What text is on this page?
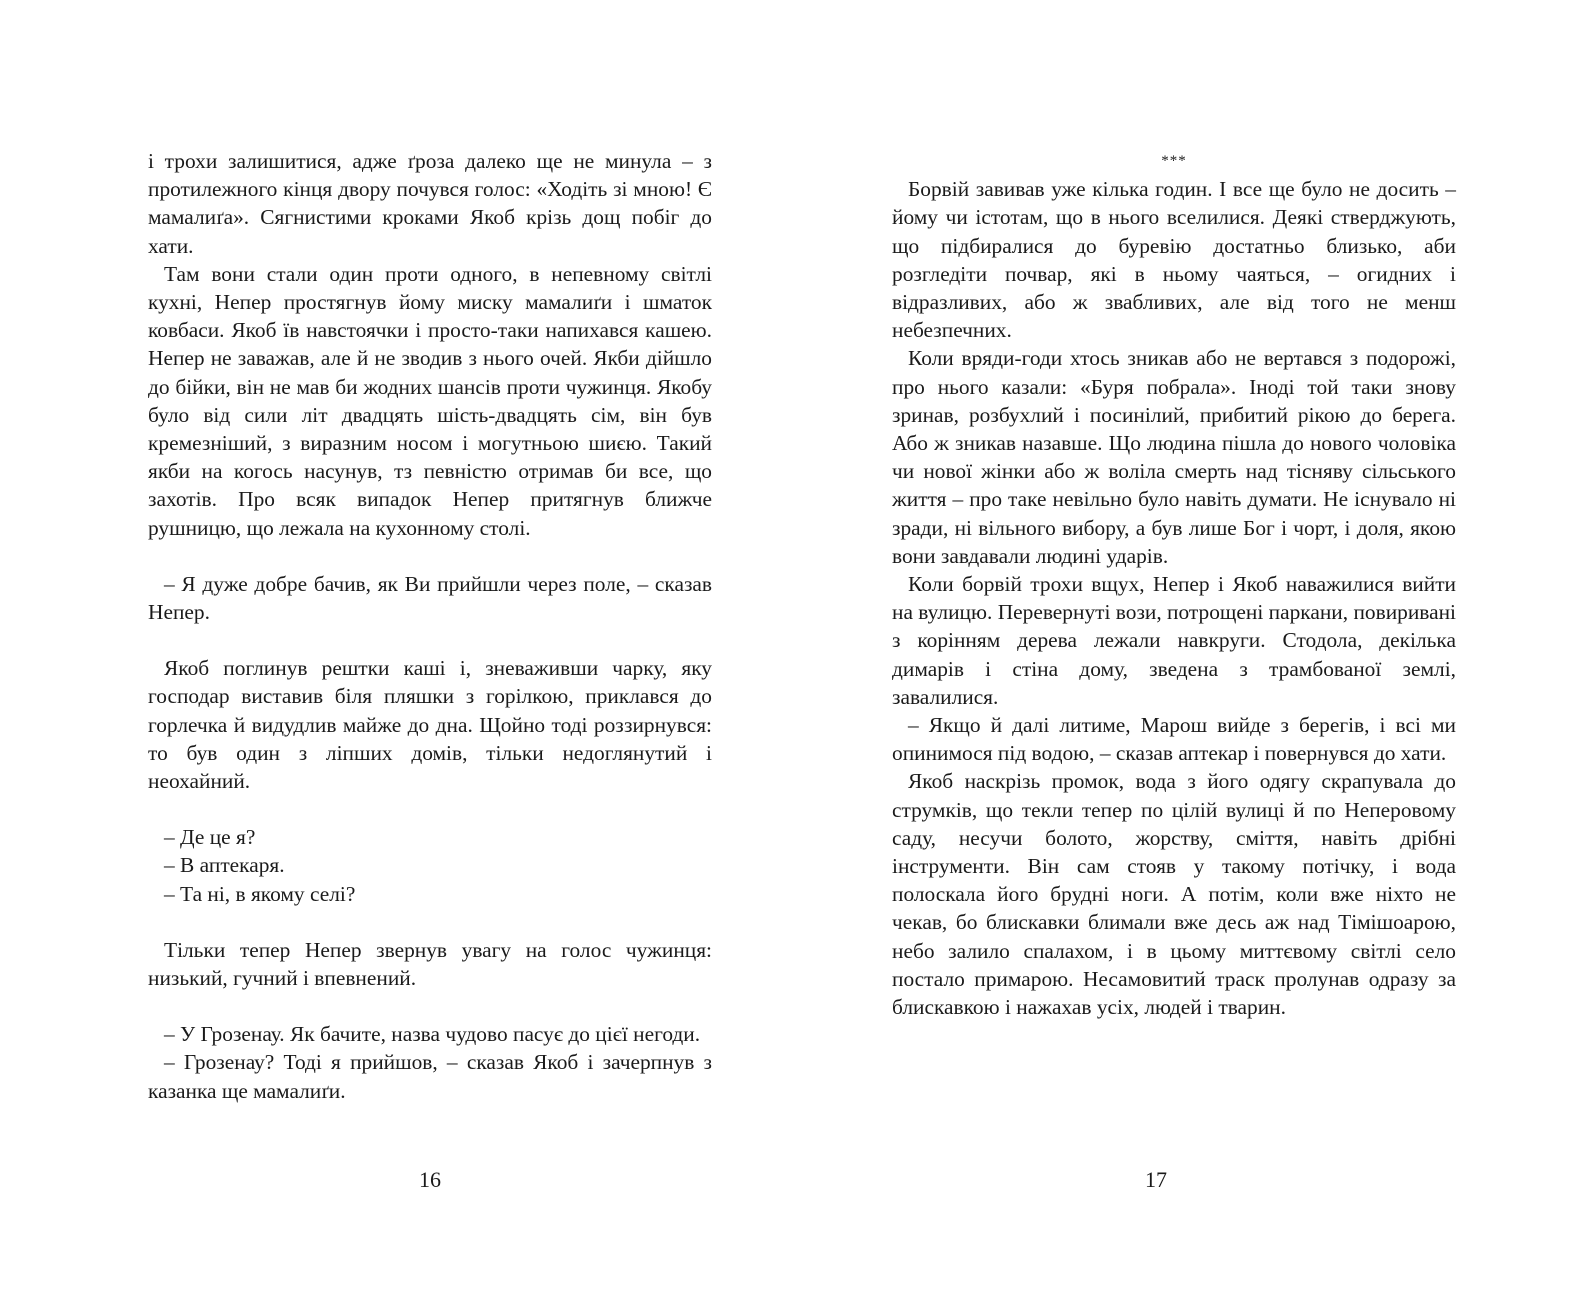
і трохи залишитися, адже ґроза далеко ще не минула – з протилежного кінця двору почувся голос: «Ходіть зі мною! Є мамалиґа». Сягнистими кроками Якоб крізь дощ побіг до хати.

Там вони стали один проти одного, в непевному світлі кухні, Непер простягнув йому миску мамалиґи і шматок ковбаси. Якоб їв навстоячки і просто-таки напихався кашею. Непер не заважав, але й не зводив з нього очей. Якби дійшло до бійки, він не мав би жодних шансів проти чужинця. Якобу було від сили літ двадцять шість-двадцять сім, він був кремезніший, з виразним носом і могутньою шиєю. Такий якби на когось насунув, тз певністю отримав би все, що захотів. Про всяк випадок Непер притягнув ближче рушницю, що лежала на кухонному столі.

– Я дуже добре бачив, як Ви прийшли через поле, – сказав Непер.

Якоб поглинув рештки каші і, зневаживши чарку, яку господар виставив біля пляшки з горілкою, приклався до горлечка й видудлив майже до дна. Щойно тоді роззирнувся: то був один з ліпших домів, тільки недоглянутий і неохайний.

– Де це я?

– В аптекаря.

– Та ні, в якому селі?

Тільки тепер Непер звернув увагу на голос чужинця: низький, гучний і впевнений.

– У Грозенау. Як бачите, назва чудово пасує до цієї негоди.

– Грозенау? Тоді я прийшов, – сказав Якоб і зачерпнув з казанка ще мамалиґи.

16
***

Борвій завивав уже кілька годин. І все ще було не досить – йому чи істотам, що в нього вселилися. Деякі стверджують, що підбиралися до буревію достатньо близько, аби розгледіти почвар, які в ньому чаяться, – огидних і відразливих, або ж звабливих, але від того не менш небезпечних.

Коли вряди-годи хтось зникав або не вертався з подорожі, про нього казали: «Буря побрала». Іноді той таки знову зринав, розбухлий і посинілий, прибитий рікою до берега. Або ж зникав назавше. Що людина пішла до нового чоловіка чи нової жінки або ж воліла смерть над тісняву сільського життя – про таке невільно було навіть думати. Не існувало ні зради, ні вільного вибору, а був лише Бог і чорт, і доля, якою вони завдавали людині ударів.

Коли борвій трохи вщух, Непер і Якоб наважилися вийти на вулицю. Перевернуті вози, потрощені паркани, повиривані з корінням дерева лежали навкруги. Стодола, декілька димарів і стіна дому, зведена з трамбованої землі, завалилися.

– Якщо й далі литиме, Марош вийде з берегів, і всі ми опинимося під водою, – сказав аптекар і повернувся до хати.

Якоб наскрізь промок, вода з його одягу скрапувала до струмків, що текли тепер по цілій вулиці й по Неперовому саду, несучи болото, жорству, сміття, навіть дрібні інструменти. Він сам стояв у такому потічку, і вода полоскала його брудні ноги. А потім, коли вже ніхто не чекав, бо блискавки блимали вже десь аж над Тімішоарою, небо залило спалахом, і в цьому миттєвому світлі село постало примарою. Несамовитий траск пролунав одразу за блискавкою і нажахав усіх, людей і тварин.

17
